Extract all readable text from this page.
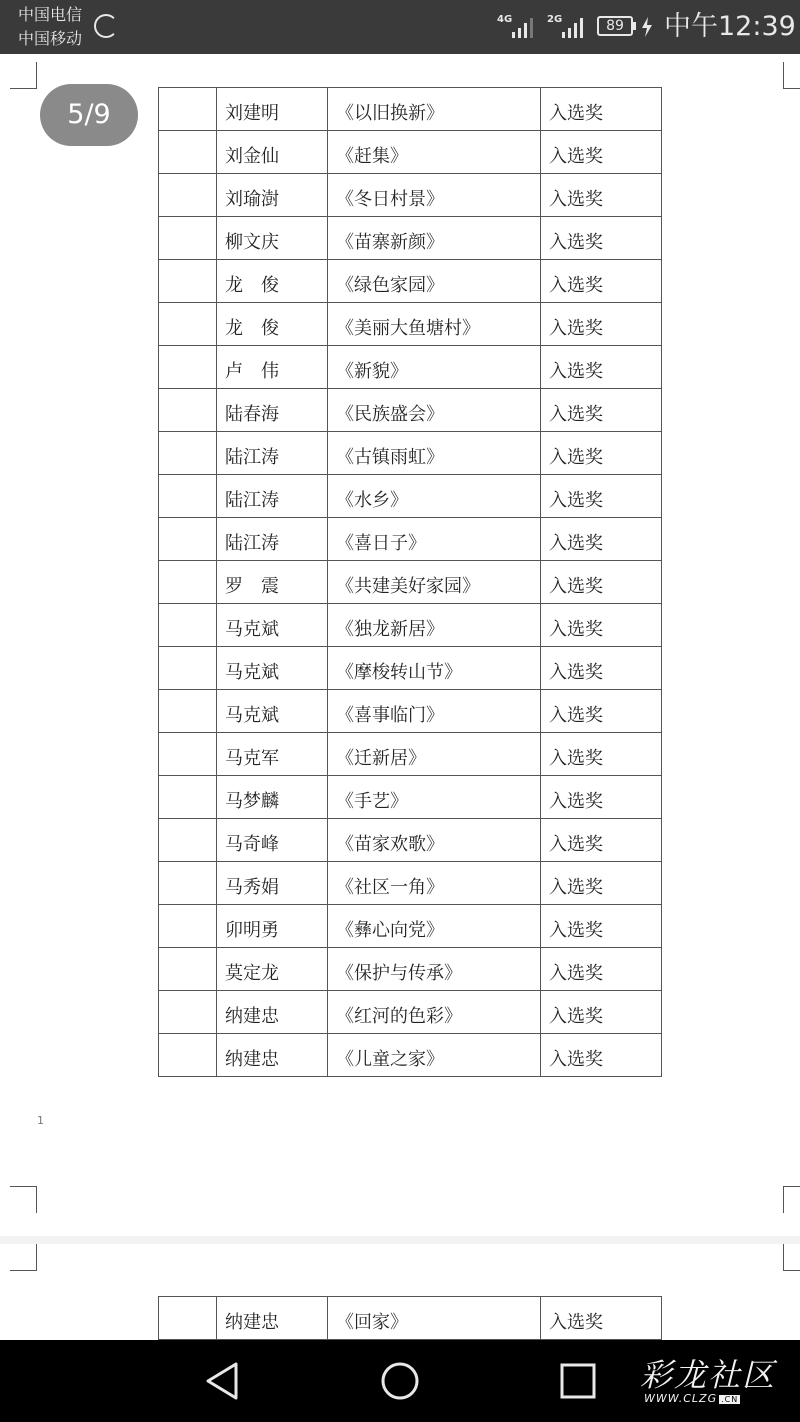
中国电信
中国移动
4G	2G	89	中午12:39
	刘建明	《以旧换新》	入选奖
	刘金仙	《赶集》	入选奖
	刘瑜澍	《冬日村景》	入选奖
	柳文庆	《苗寨新颜》	入选奖
	龙　俊	《绿色家园》	入选奖
	龙　俊	《美丽大鱼塘村》	入选奖
	卢　伟	《新貌》	入选奖
	陆春海	《民族盛会》	入选奖
	陆江涛	《古镇雨虹》	入选奖
	陆江涛	《水乡》	入选奖
	陆江涛	《喜日子》	入选奖
	罗　震	《共建美好家园》	入选奖
	马克斌	《独龙新居》	入选奖
	马克斌	《摩梭转山节》	入选奖
	马克斌	《喜事临门》	入选奖
	马克军	《迁新居》	入选奖
	马梦麟	《手艺》	入选奖
	马奇峰	《苗家欢歌》	入选奖
	马秀娟	《社区一角》	入选奖
	卯明勇	《彝心向党》	入选奖
	莫定龙	《保护与传承》	入选奖
	纳建忠	《红河的色彩》	入选奖
	纳建忠	《儿童之家》	入选奖
1
5/9
	纳建忠	《回家》	入选奖
彩龙社区
WWW.CLZG .CN
